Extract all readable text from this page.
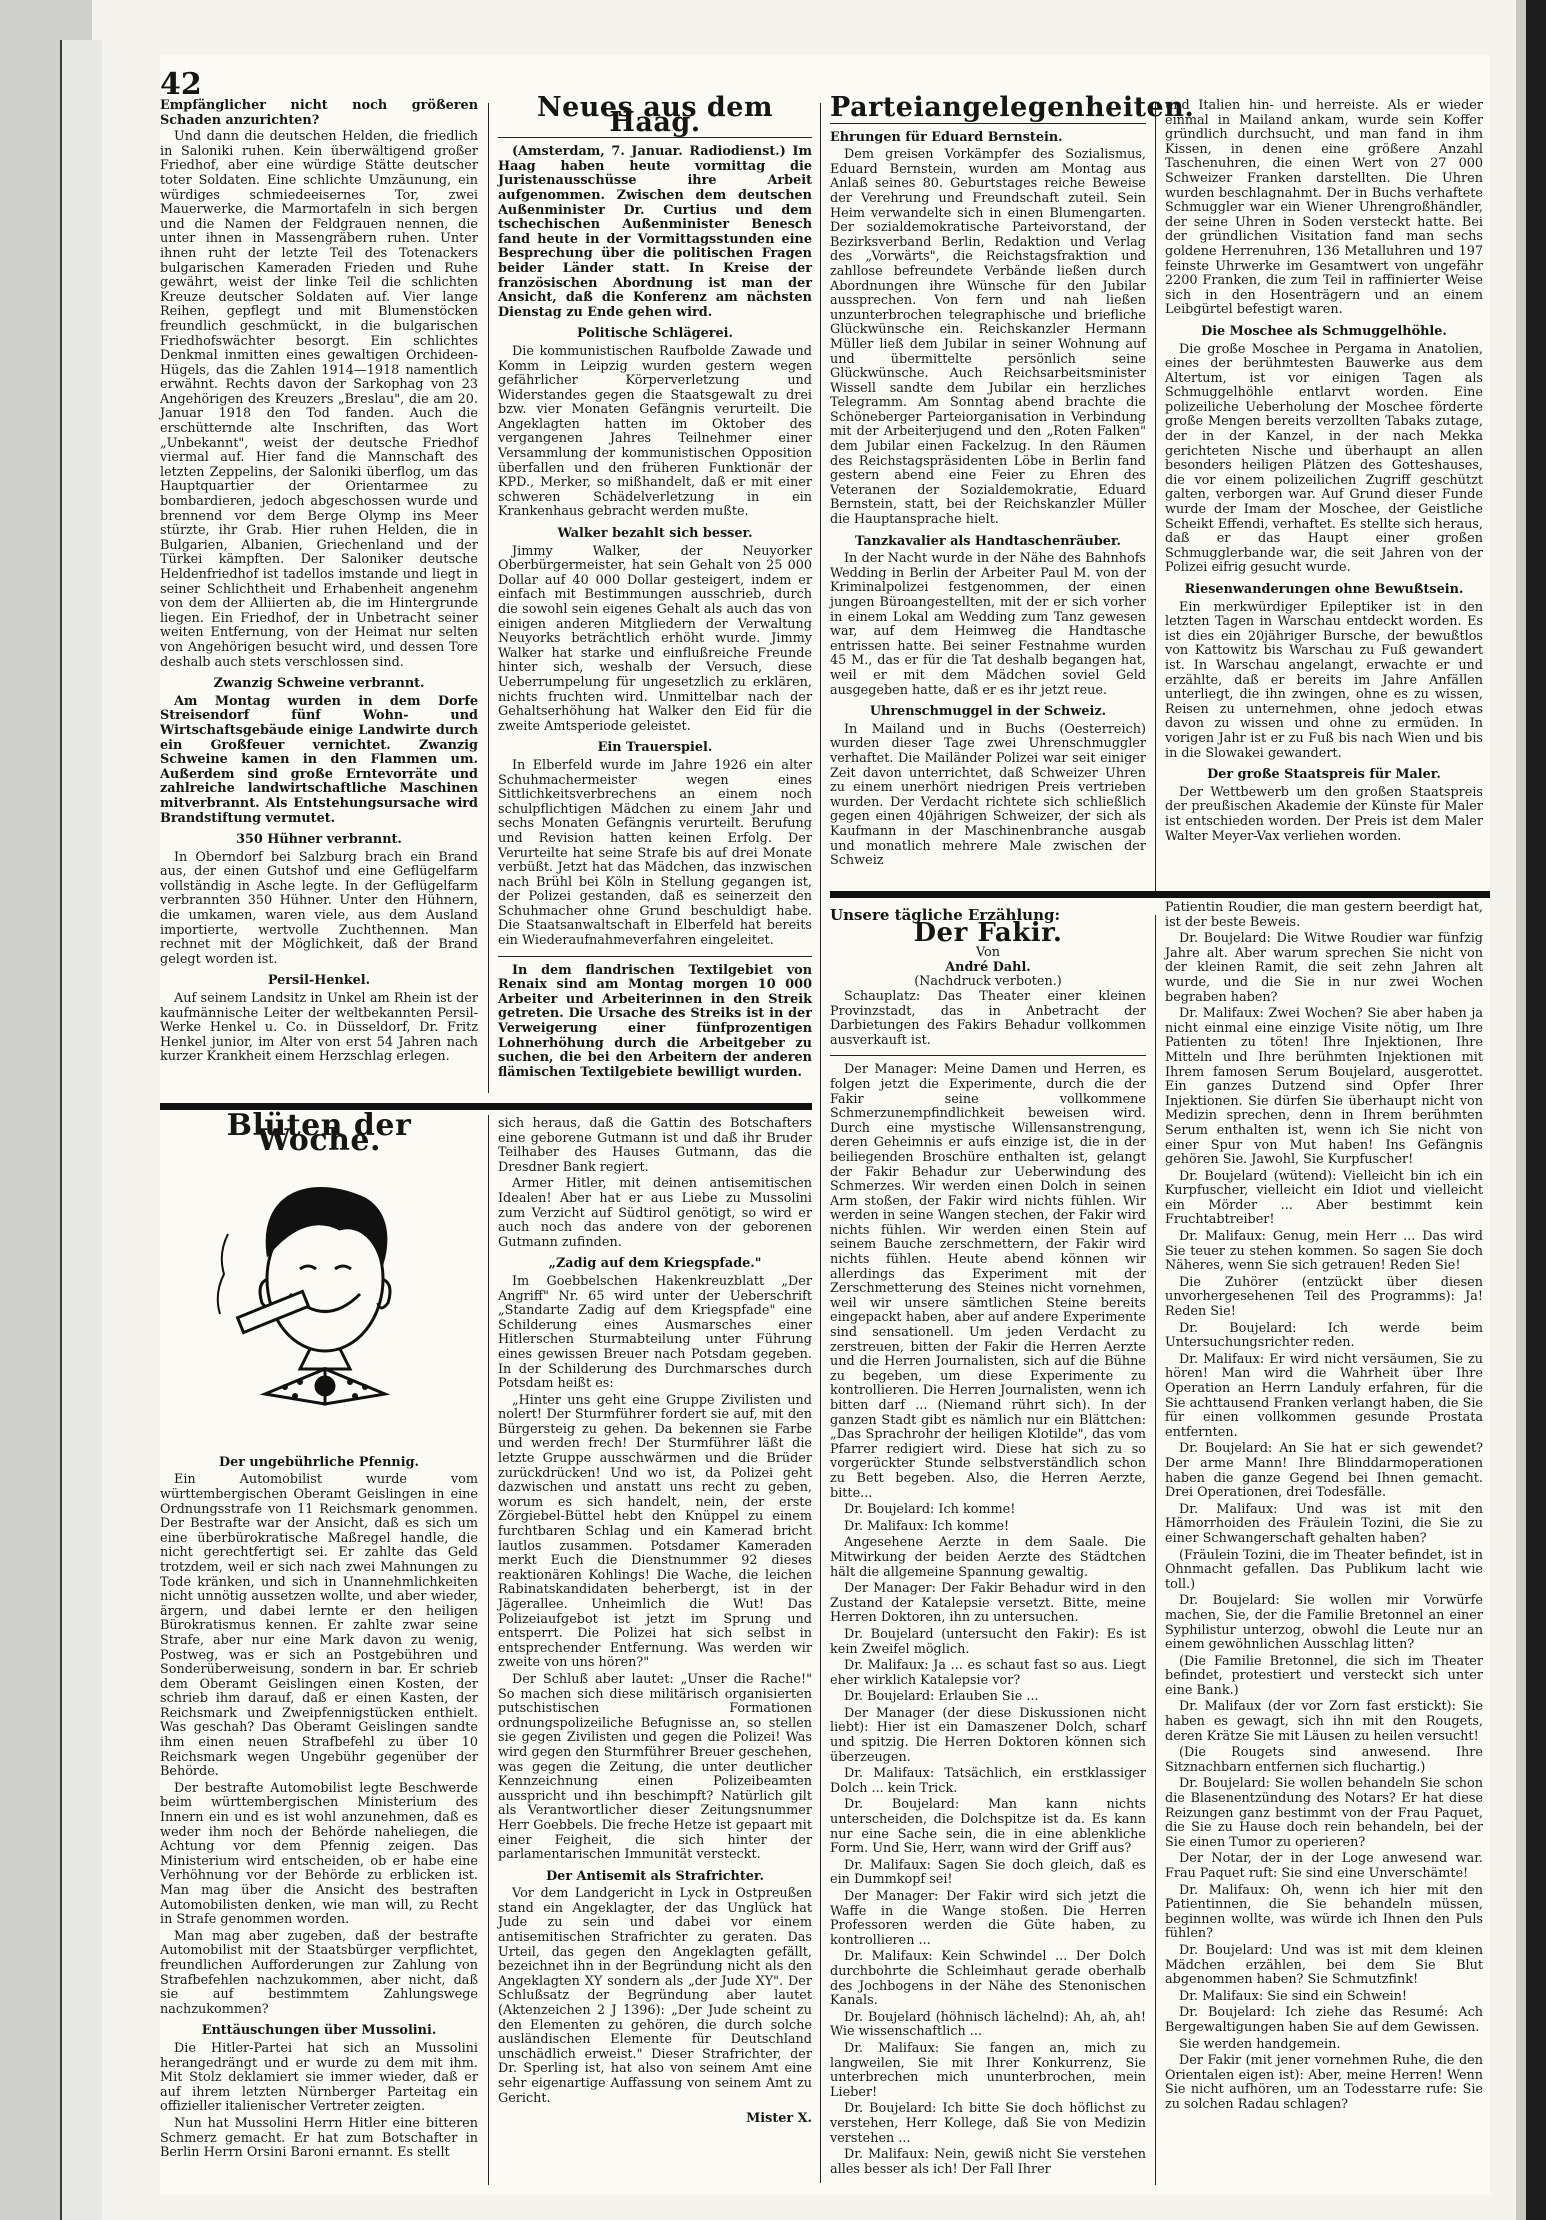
42

Empfänglicher nicht noch größeren Schaden anzurichten?

Und dann die deutschen Helden, die friedlich in Saloniki ruhen. Kein überwältigend großer Friedhof, aber eine würdige Stätte deutscher toter Soldaten. Eine schlichte Umzäunung, ein würdiges schmiedeeisernes Tor, zwei Mauerwerke, die Marmortafeln in sich bergen und die Namen der Feldgrauen nennen, die unter ihnen in Massengräbern ruhen. Unter ihnen ruht der letzte Teil des Totenackers bulgarischen Kameraden Frieden und Ruhe gewährt, weist der linke Teil die schlichten Kreuze deutscher Soldaten auf. Vier lange Reihen, gepflegt und mit Blumenstöcken freundlich geschmückt, in die bulgarischen Friedhofswächter besorgt. Ein schlichtes Denkmal inmitten eines gewaltigen Orchideen-Hügels, das die Zahlen 1914—1918 namentlich erwähnt. Rechts davon der Sarkophag von 23 Angehörigen des Kreuzers „Breslau", die am 20. Januar 1918 den Tod fanden. Auch die erschütternde alte Inschriften, das Wort „Unbekannt", weist der deutsche Friedhof viermal auf. Hier fand die Mannschaft des letzten Zeppelins, der Saloniki überflog, um das Hauptquartier der Orientarmee zu bombardieren, jedoch abgeschossen wurde und brennend vor dem Berge Olymp ins Meer stürzte, ihr Grab. Hier ruhen Helden, die in Bulgarien, Albanien, Griechenland und der Türkei kämpften. Der Saloniker deutsche Heldenfriedhof ist tadellos imstande und liegt in seiner Schlichtheit und Erhabenheit angenehm von dem der Alliierten ab, die im Hintergrunde liegen. Ein Friedhof, der in Unbetracht seiner weiten Entfernung, von der Heimat nur selten von Angehörigen besucht wird, und dessen Tore deshalb auch stets verschlossen sind.

Zwanzig Schweine verbrannt.

Am Montag wurden in dem Dorfe Streisendorf fünf Wohn- und Wirtschaftsgebäude einige Landwirte durch ein Großfeuer vernichtet. Zwanzig Schweine kamen in den Flammen um. Außerdem sind große Erntevorräte und zahlreiche landwirtschaftliche Maschinen mitverbrannt. Als Entstehungsursache wird Brandstiftung vermutet.

350 Hühner verbrannt.

In Oberndorf bei Salzburg brach ein Brand aus, der einen Gutshof und eine Geflügelfarm vollständig in Asche legte. In der Geflügelfarm verbrannten 350 Hühner. Unter den Hühnern, die umkamen, waren viele, aus dem Ausland importierte, wertvolle Zuchthennen. Man rechnet mit der Möglichkeit, daß der Brand gelegt worden ist.

Persil-Henkel.

Auf seinem Landsitz in Unkel am Rhein ist der kaufmännische Leiter der weltbekannten Persil-Werke Henkel u. Co. in Düsseldorf, Dr. Fritz Henkel junior, im Alter von erst 54 Jahren nach kurzer Krankheit einem Herzschlag erlegen.

Neues aus dem Haag.

(Amsterdam, 7. Januar. Radiodienst.) Im Haag haben heute vormittag die Juristenausschüsse ihre Arbeit aufgenommen. Zwischen dem deutschen Außenminister Dr. Curtius und dem tschechischen Außenminister Benesch fand heute in der Vormittagsstunden eine Besprechung über die politischen Fragen beider Länder statt. In Kreise der französischen Abordnung ist man der Ansicht, daß die Konferenz am nächsten Dienstag zu Ende gehen wird.

Politische Schlägerei.

Die kommunistischen Raufbolde Zawade und Komm in Leipzig wurden gestern wegen gefährlicher Körperverletzung und Widerstandes gegen die Staatsgewalt zu drei bzw. vier Monaten Gefängnis verurteilt. Die Angeklagten hatten im Oktober des vergangenen Jahres Teilnehmer einer Versammlung der kommunistischen Opposition überfallen und den früheren Funktionär der KPD., Merker, so mißhandelt, daß er mit einer schweren Schädelverletzung in ein Krankenhaus gebracht werden mußte.

Walker bezahlt sich besser.

Jimmy Walker, der Neuyorker Oberbürgermeister, hat sein Gehalt von 25 000 Dollar auf 40 000 Dollar gesteigert, indem er einfach mit Bestimmungen ausschrieb, durch die sowohl sein eigenes Gehalt als auch das von einigen anderen Mitgliedern der Verwaltung Neuyorks beträchtlich erhöht wurde. Jimmy Walker hat starke und einflußreiche Freunde hinter sich, weshalb der Versuch, diese Ueberrumpelung für ungesetzlich zu erklären, nichts fruchten wird. Unmittelbar nach der Gehaltserhöhung hat Walker den Eid für die zweite Amtsperiode geleistet.

Ein Trauerspiel.

In Elberfeld wurde im Jahre 1926 ein alter Schuhmachermeister wegen eines Sittlichkeitsverbrechens an einem noch schulpflichtigen Mädchen zu einem Jahr und sechs Monaten Gefängnis verurteilt. Berufung und Revision hatten keinen Erfolg. Der Verurteilte hat seine Strafe bis auf drei Monate verbüßt. Jetzt hat das Mädchen, das inzwischen nach Brühl bei Köln in Stellung gegangen ist, der Polizei gestanden, daß es seinerzeit den Schuhmacher ohne Grund beschuldigt habe. Die Staatsanwaltschaft in Elberfeld hat bereits ein Wiederaufnahmeverfahren eingeleitet.

In dem flandrischen Textilgebiet von Renaix sind am Montag morgen 10 000 Arbeiter und Arbeiterinnen in den Streik getreten. Die Ursache des Streiks ist in der Verweigerung einer fünfprozentigen Lohnerhöhung durch die Arbeitgeber zu suchen, die bei den Arbeitern der anderen flämischen Textilgebiete bewilligt wurden.

Parteiangelegenheiten.
Ehrungen für Eduard Bernstein.

Dem greisen Vorkämpfer des Sozialismus, Eduard Bernstein, wurden am Montag aus Anlaß seines 80. Geburtstages reiche Beweise der Verehrung und Freundschaft zuteil. Sein Heim verwandelte sich in einen Blumengarten. Der sozialdemokratische Parteivorstand, der Bezirksverband Berlin, Redaktion und Verlag des „Vorwärts", die Reichstagsfraktion und zahllose befreundete Verbände ließen durch Abordnungen ihre Wünsche für den Jubilar aussprechen. Von fern und nah ließen unzunterbrochen telegraphische und briefliche Glückwünsche ein. Reichskanzler Hermann Müller ließ dem Jubilar in seiner Wohnung auf und übermittelte persönlich seine Glückwünsche. Auch Reichsarbeitsminister Wissell sandte dem Jubilar ein herzliches Telegramm. Am Sonntag abend brachte die Schöneberger Parteiorganisation in Verbindung mit der Arbeiterjugend und den „Roten Falken" dem Jubilar einen Fackelzug. In den Räumen des Reichstagspräsidenten Löbe in Berlin fand gestern abend eine Feier zu Ehren des Veteranen der Sozialdemokratie, Eduard Bernstein, statt, bei der Reichskanzler Müller die Hauptansprache hielt.

Tanzkavalier als Handtaschenräuber.

In der Nacht wurde in der Nähe des Bahnhofs Wedding in Berlin der Arbeiter Paul M. von der Kriminalpolizei festgenommen, der einen jungen Büroangestellten, mit der er sich vorher in einem Lokal am Wedding zum Tanz gewesen war, auf dem Heimweg die Handtasche entrissen hatte. Bei seiner Festnahme wurden 45 M., das er für die Tat deshalb begangen hat, weil er mit dem Mädchen soviel Geld ausgegeben hatte, daß er es ihr jetzt reue.

Uhrenschmuggel in der Schweiz.

In Mailand und in Buchs (Oesterreich) wurden dieser Tage zwei Uhrenschmuggler verhaftet. Die Mailänder Polizei war seit einiger Zeit davon unterrichtet, daß Schweizer Uhren zu einem unerhört niedrigen Preis vertrieben wurden. Der Verdacht richtete sich schließlich gegen einen 40jährigen Schweizer, der sich als Kaufmann in der Maschinenbranche ausgab und monatlich mehrere Male zwischen der Schweiz

und Italien hin- und herreiste. Als er wieder einmal in Mailand ankam, wurde sein Koffer gründlich durchsucht, und man fand in ihm Kissen, in denen eine größere Anzahl Taschenuhren, die einen Wert von 27 000 Schweizer Franken darstellten. Die Uhren wurden beschlagnahmt. Der in Buchs verhaftete Schmuggler war ein Wiener Uhrengroßhändler, der seine Uhren in Soden versteckt hatte. Bei der gründlichen Visitation fand man sechs goldene Herrenuhren, 136 Metalluhren und 197 feinste Uhrwerke im Gesamtwert von ungefähr 2200 Franken, die zum Teil in raffinierter Weise sich in den Hosenträgern und an einem Leibgürtel befestigt waren.

Die Moschee als Schmuggelhöhle.

Die große Moschee in Pergama in Anatolien, eines der berühmtesten Bauwerke aus dem Altertum, ist vor einigen Tagen als Schmuggelhöhle entlarvt worden. Eine polizeiliche Ueberholung der Moschee förderte große Mengen bereits verzollten Tabaks zutage, der in der Kanzel, in der nach Mekka gerichteten Nische und überhaupt an allen besonders heiligen Plätzen des Gotteshauses, die vor einem polizeilichen Zugriff geschützt galten, verborgen war. Auf Grund dieser Funde wurde der Imam der Moschee, der Geistliche Scheikt Effendi, verhaftet. Es stellte sich heraus, daß er das Haupt einer großen Schmugglerbande war, die seit Jahren von der Polizei eifrig gesucht wurde.

Riesenwanderungen ohne Bewußtsein.

Ein merkwürdiger Epileptiker ist in den letzten Tagen in Warschau entdeckt worden. Es ist dies ein 20jähriger Bursche, der bewußtlos von Kattowitz bis Warschau zu Fuß gewandert ist. In Warschau angelangt, erwachte er und erzählte, daß er bereits im Jahre Anfällen unterliegt, die ihn zwingen, ohne es zu wissen, Reisen zu unternehmen, ohne jedoch etwas davon zu wissen und ohne zu ermüden. In vorigen Jahr ist er zu Fuß bis nach Wien und bis in die Slowakei gewandert.

Der große Staatspreis für Maler.

Der Wettbewerb um den großen Staatspreis der preußischen Akademie der Künste für Maler ist entschieden worden. Der Preis ist dem Maler Walter Meyer-Vax verliehen worden.

Blüten der Woche.
Der ungebührliche Pfennig.

Ein Automobilist wurde vom württembergischen Oberamt Geislingen in eine Ordnungsstrafe von 11 Reichsmark genommen. Der Bestrafte war der Ansicht, daß es sich um eine überbürokratische Maßregel handle, die nicht gerechtfertigt sei. Er zahlte das Geld trotzdem, weil er sich nach zwei Mahnungen zu Tode kränken, und sich in Unannehmlichkeiten nicht unnötig aussetzen wollte, und aber wieder, ärgern, und dabei lernte er den heiligen Bürokratismus kennen. Er zahlte zwar seine Strafe, aber nur eine Mark davon zu wenig, Postweg, was er sich an Postgebühren und Sonderüberweisung, sondern in bar. Er schrieb dem Oberamt Geislingen einen Kosten, der schrieb ihm darauf, daß er einen Kasten, der Reichsmark und Zweipfennigstücken enthielt. Was geschah? Das Oberamt Geislingen sandte ihm einen neuen Strafbefehl zu über 10 Reichsmark wegen Ungebühr gegenüber der Behörde.

Der bestrafte Automobilist legte Beschwerde beim württembergischen Ministerium des Innern ein und es ist wohl anzunehmen, daß es weder ihm noch der Behörde naheliegen, die Achtung vor dem Pfennig zeigen. Das Ministerium wird entscheiden, ob er habe eine Verhöhnung vor der Behörde zu erblicken ist. Man mag über die Ansicht des bestraften Automobilisten denken, wie man will, zu Recht in Strafe genommen worden.

Man mag aber zugeben, daß der bestrafte Automobilist mit der Staatsbürger verpflichtet, freundlichen Aufforderungen zur Zahlung von Strafbefehlen nachzukommen, aber nicht, daß sie auf bestimmtem Zahlungswege nachzukommen?

Enttäuschungen über Mussolini.

Die Hitler-Partei hat sich an Mussolini herangedrängt und er wurde zu dem mit ihm. Mit Stolz deklamiert sie immer wieder, daß er auf ihrem letzten Nürnberger Parteitag ein offizieller italienischer Vertreter zeigten.

Nun hat Mussolini Herrn Hitler eine bitteren Schmerz gemacht. Er hat zum Botschafter in Berlin Herrn Orsini Baroni ernannt. Es stellt

sich heraus, daß die Gattin des Botschafters eine geborene Gutmann ist und daß ihr Bruder Teilhaber des Hauses Gutmann, das die Dresdner Bank regiert.

Armer Hitler, mit deinen antisemitischen Idealen! Aber hat er aus Liebe zu Mussolini zum Verzicht auf Südtirol genötigt, so wird er auch noch das andere von der geborenen Gutmann zufinden.

„Zadig auf dem Kriegspfade."

Im Goebbelschen Hakenkreuzblatt „Der Angriff" Nr. 65 wird unter der Ueberschrift „Standarte Zadig auf dem Kriegspfade" eine Schilderung eines Ausmarsches einer Hitlerschen Sturmabteilung unter Führung eines gewissen Breuer nach Potsdam gegeben. In der Schilderung des Durchmarsches durch Potsdam heißt es:

„Hinter uns geht eine Gruppe Zivilisten und nolert! Der Sturmführer fordert sie auf, mit den Bürgersteig zu gehen. Da bekennen sie Farbe und werden frech! Der Sturmführer läßt die letzte Gruppe ausschwärmen und die Brüder zurückdrücken! Und wo ist, da Polizei geht dazwischen und anstatt uns recht zu geben, worum es sich handelt, nein, der erste Zörgiebel-Büttel hebt den Knüppel zu einem furchtbaren Schlag und ein Kamerad bricht lautlos zusammen. Potsdamer Kameraden merkt Euch die Dienstnummer 92 dieses reaktionären Kohlings! Die Wache, die leichen Rabinatskandidaten beherbergt, ist in der Jägerallee. Unheimlich die Wut! Das Polizeiaufgebot ist jetzt im Sprung und entsperrt. Die Polizei hat sich selbst in entsprechender Entfernung. Was werden wir zweite von uns hören?"

Der Schluß aber lautet: „Unser die Rache!" So machen sich diese militärisch organisierten putschistischen Formationen ordnungspolizeiliche Befugnisse an, so stellen sie gegen Zivilisten und gegen die Polizei! Was wird gegen den Sturmführer Breuer geschehen, was gegen die Zeitung, die unter deutlicher Kennzeichnung einen Polizeibeamten ausspricht und ihn beschimpft? Natürlich gilt als Verantwortlicher dieser Zeitungsnummer Herr Goebbels. Die freche Hetze ist gepaart mit einer Feigheit, die sich hinter der parlamentarischen Immunität versteckt.

Der Antisemit als Strafrichter.

Vor dem Landgericht in Lyck in Ostpreußen stand ein Angeklagter, der das Unglück hat Jude zu sein und dabei vor einem antisemitischen Strafrichter zu geraten. Das Urteil, das gegen den Angeklagten gefällt, bezeichnet ihn in der Begründung nicht als den Angeklagten XY sondern als „der Jude XY". Der Schlußsatz der Begründung aber lautet (Aktenzeichen 2 J 1396): „Der Jude scheint zu den Elementen zu gehören, die durch solche ausländischen Elemente für Deutschland unschädlich erweist." Dieser Strafrichter, der Dr. Sperling ist, hat also von seinem Amt eine sehr eigenartige Auffassung von seinem Amt zu Gericht.

Mister X.
Unsere tägliche Erzählung:
Der Fakir.
Von
André Dahl.
(Nachdruck verboten.)

Schauplatz: Das Theater einer kleinen Provinzstadt, das in Anbetracht der Darbietungen des Fakirs Behadur vollkommen ausverkauft ist.

Der Manager: Meine Damen und Herren, es folgen jetzt die Experimente, durch die der Fakir seine vollkommene Schmerzunempfindlichkeit beweisen wird. Durch eine mystische Willensanstrengung, deren Geheimnis er aufs einzige ist, die in der beiliegenden Broschüre enthalten ist, gelangt der Fakir Behadur zur Ueberwindung des Schmerzes. Wir werden einen Dolch in seinen Arm stoßen, der Fakir wird nichts fühlen. Wir werden in seine Wangen stechen, der Fakir wird nichts fühlen. Wir werden einen Stein auf seinem Bauche zerschmettern, der Fakir wird nichts fühlen. Heute abend können wir allerdings das Experiment mit der Zerschmetterung des Steines nicht vornehmen, weil wir unsere sämtlichen Steine bereits eingepackt haben, aber auf andere Experimente sind sensationell. Um jeden Verdacht zu zerstreuen, bitten der Fakir die Herren Aerzte und die Herren Journalisten, sich auf die Bühne zu begeben, um diese Experimente zu kontrollieren. Die Herren Journalisten, wenn ich bitten darf ... (Niemand rührt sich). In der ganzen Stadt gibt es nämlich nur ein Blättchen: „Das Sprachrohr der heiligen Klotilde", das vom Pfarrer redigiert wird. Diese hat sich zu so vorgerückter Stunde selbstverständlich schon zu Bett begeben. Also, die Herren Aerzte, bitte...

Dr. Boujelard: Ich komme!

Dr. Malifaux: Ich komme!

Angesehene Aerzte in dem Saale. Die Mitwirkung der beiden Aerzte des Städtchen hält die allgemeine Spannung gewaltig.

Der Manager: Der Fakir Behadur wird in den Zustand der Katalepsie versetzt. Bitte, meine Herren Doktoren, ihn zu untersuchen.

Dr. Boujelard (untersucht den Fakir): Es ist kein Zweifel möglich.

Dr. Malifaux: Ja ... es schaut fast so aus. Liegt eher wirklich Katalepsie vor?

Dr. Boujelard: Erlauben Sie ...

Der Manager (der diese Diskussionen nicht liebt): Hier ist ein Damaszener Dolch, scharf und spitzig. Die Herren Doktoren können sich überzeugen.

Dr. Malifaux: Tatsächlich, ein erstklassiger Dolch ... kein Trick.

Dr. Boujelard: Man kann nichts unterscheiden, die Dolchspitze ist da. Es kann nur eine Sache sein, die in eine ablenkliche Form. Und Sie, Herr, wann wird der Griff aus?

Dr. Malifaux: Sagen Sie doch gleich, daß es ein Dummkopf sei!

Der Manager: Der Fakir wird sich jetzt die Waffe in die Wange stoßen. Die Herren Professoren werden die Güte haben, zu kontrollieren ...

Dr. Malifaux: Kein Schwindel ... Der Dolch durchbohrte die Schleimhaut gerade oberhalb des Jochbogens in der Nähe des Stenonischen Kanals.

Dr. Boujelard (höhnisch lächelnd): Ah, ah, ah! Wie wissenschaftlich ...

Dr. Malifaux: Sie fangen an, mich zu langweilen, Sie mit Ihrer Konkurrenz, Sie unterbrechen mich ununterbrochen, mein Lieber!

Dr. Boujelard: Ich bitte Sie doch höflichst zu verstehen, Herr Kollege, daß Sie von Medizin verstehen ...

Dr. Malifaux: Nein, gewiß nicht Sie verstehen alles besser als ich! Der Fall Ihrer

Patientin Roudier, die man gestern beerdigt hat, ist der beste Beweis.

Dr. Boujelard: Die Witwe Roudier war fünfzig Jahre alt. Aber warum sprechen Sie nicht von der kleinen Ramit, die seit zehn Jahren alt wurde, und die Sie in nur zwei Wochen begraben haben?

Dr. Malifaux: Zwei Wochen? Sie aber haben ja nicht einmal eine einzige Visite nötig, um Ihre Patienten zu töten! Ihre Injektionen, Ihre Mitteln und Ihre berühmten Injektionen mit Ihrem famosen Serum Boujelard, ausgerottet. Ein ganzes Dutzend sind Opfer Ihrer Injektionen. Sie dürfen Sie überhaupt nicht von Medizin sprechen, denn in Ihrem berühmten Serum enthalten ist, wenn ich Sie nicht von einer Spur von Mut haben! Ins Gefängnis gehören Sie. Jawohl, Sie Kurpfuscher!

Dr. Boujelard (wütend): Vielleicht bin ich ein Kurpfuscher, vielleicht ein Idiot und vielleicht ein Mörder ... Aber bestimmt kein Fruchtabtreiber!

Dr. Malifaux: Genug, mein Herr ... Das wird Sie teuer zu stehen kommen. So sagen Sie doch Näheres, wenn Sie sich getrauen! Reden Sie!

Die Zuhörer (entzückt über diesen unvorhergesehenen Teil des Programms): Ja! Reden Sie!

Dr. Boujelard: Ich werde beim Untersuchungsrichter reden.

Dr. Malifaux: Er wird nicht versäumen, Sie zu hören! Man wird die Wahrheit über Ihre Operation an Herrn Landuly erfahren, für die Sie achttausend Franken verlangt haben, die Sie für einen vollkommen gesunde Prostata entfernten.

Dr. Boujelard: An Sie hat er sich gewendet? Der arme Mann! Ihre Blinddarmoperationen haben die ganze Gegend bei Ihnen gemacht. Drei Operationen, drei Todesfälle.

Dr. Malifaux: Und was ist mit den Hämorrhoiden des Fräulein Tozini, die Sie zu einer Schwangerschaft gehalten haben?

(Fräulein Tozini, die im Theater befindet, ist in Ohnmacht gefallen. Das Publikum lacht wie toll.)

Dr. Boujelard: Sie wollen mir Vorwürfe machen, Sie, der die Familie Bretonnel an einer Syphilistur unterzog, obwohl die Leute nur an einem gewöhnlichen Ausschlag litten?

(Die Familie Bretonnel, die sich im Theater befindet, protestiert und versteckt sich unter eine Bank.)

Dr. Malifaux (der vor Zorn fast erstickt): Sie haben es gewagt, sich ihn mit den Rougets, deren Krätze Sie mit Läusen zu heilen versucht!

(Die Rougets sind anwesend. Ihre Sitznachbarn entfernen sich fluchartig.)

Dr. Boujelard: Sie wollen behandeln Sie schon die Blasenentzündung des Notars? Er hat diese Reizungen ganz bestimmt von der Frau Paquet, die Sie zu Hause doch rein behandeln, bei der Sie einen Tumor zu operieren?

Der Notar, der in der Loge anwesend war. Frau Paquet ruft: Sie sind eine Unverschämte!

Dr. Malifaux: Oh, wenn ich hier mit den Patientinnen, die Sie behandeln müssen, beginnen wollte, was würde ich Ihnen den Puls fühlen?

Dr. Boujelard: Und was ist mit dem kleinen Mädchen erzählen, bei dem Sie Blut abgenommen haben? Sie Schmutzfink!

Dr. Malifaux: Sie sind ein Schwein!

Dr. Boujelard: Ich ziehe das Resumé: Ach Bergewaltigungen haben Sie auf dem Gewissen.

Sie werden handgemein.

Der Fakir (mit jener vornehmen Ruhe, die den Orientalen eigen ist): Aber, meine Herren! Wenn Sie nicht aufhören, um an Todesstarre rufe: Sie zu solchen Radau schlagen?
